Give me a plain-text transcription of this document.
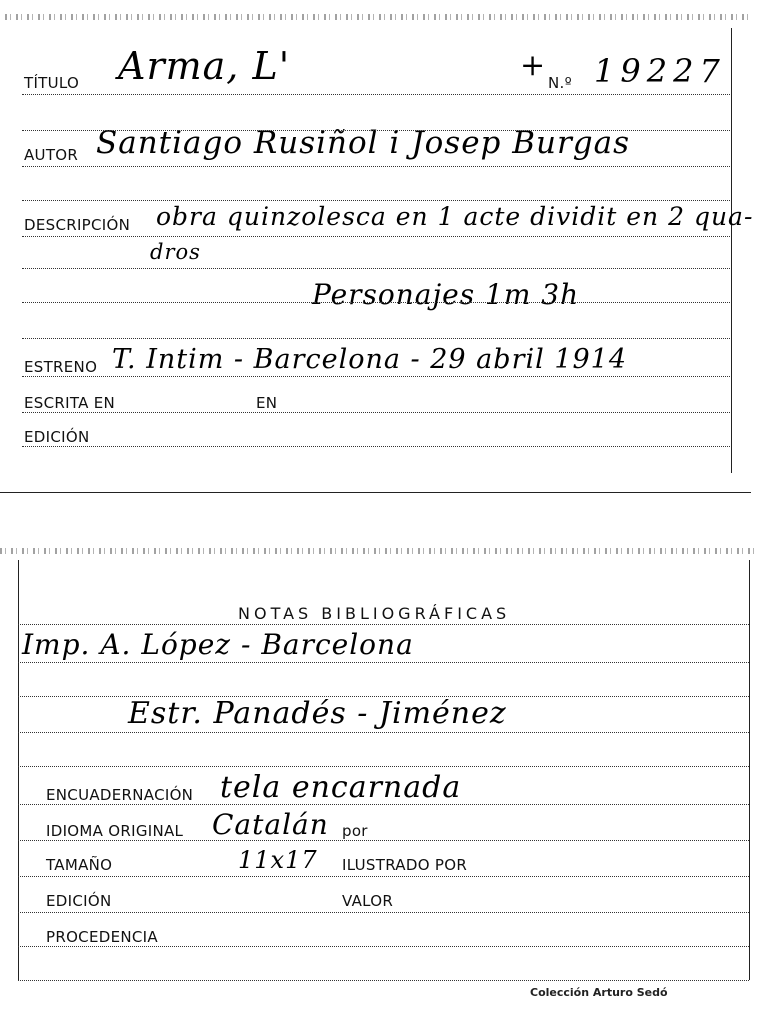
TÍTULO Arma, L'	+ N.º 19227
AUTOR Santiago Rusiñol i Josep Burgas
DESCRIPCIÓN obra quinzolesca en 1 acte dividit en 2 qua-
dros
Personajes 1m 3h
ESTRENO T. Intim - Barcelona - 29 abril 1914
ESCRITA EN	EN
EDICIÓN
NOTAS BIBLIOGRÁFICAS
Imp. A. López - Barcelona
Estr. Panadés - Jiménez
ENCUADERNACIÓN tela encarnada
IDIOMA ORIGINAL Catalán por
TAMAÑO	11x17 ILUSTRADO POR
EDICIÓN	VALOR
PROCEDENCIA
Colección Arturo Sedó
